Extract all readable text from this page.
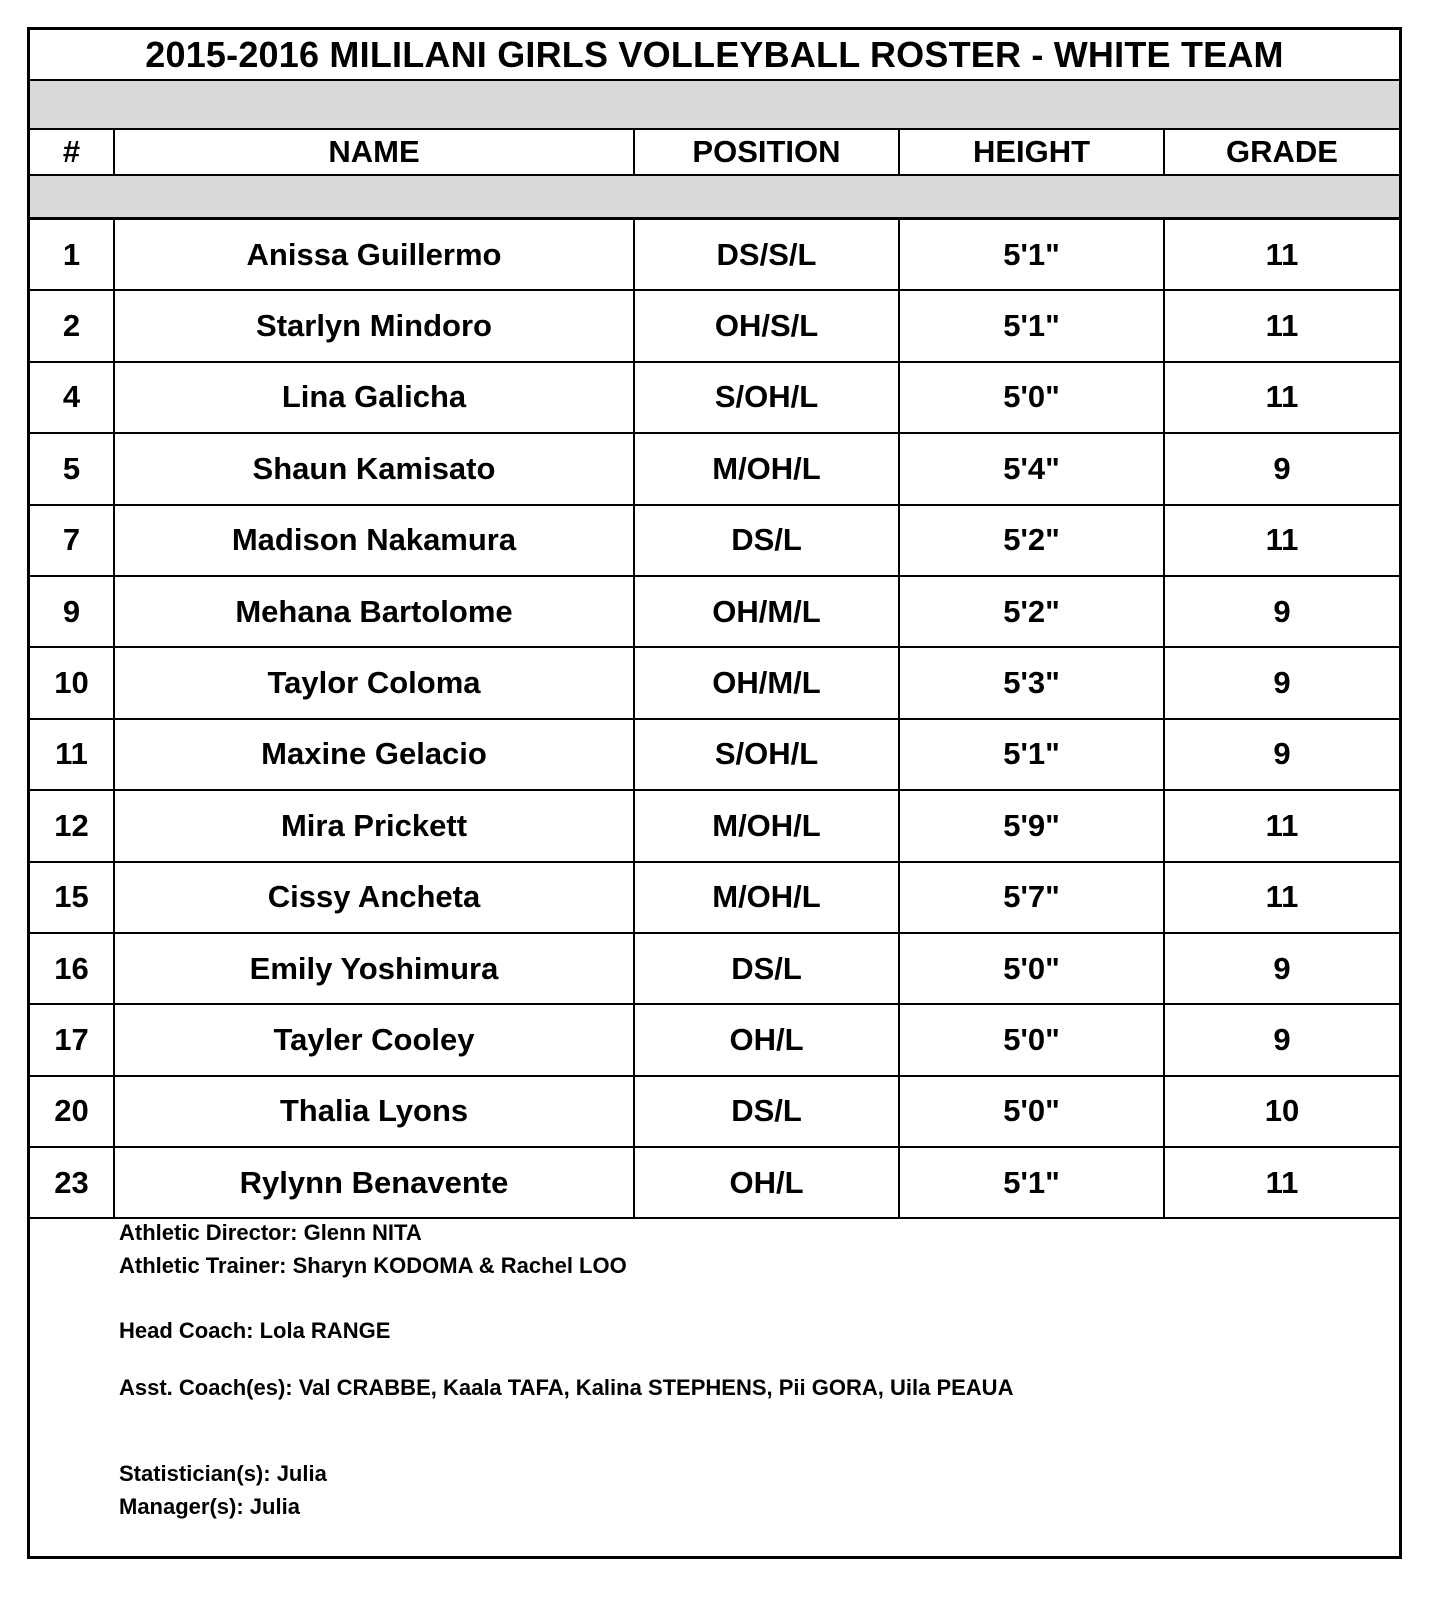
2015-2016 MILILANI GIRLS VOLLEYBALL ROSTER - WHITE TEAM
#	NAME	POSITION	HEIGHT	GRADE

1	Anissa Guillermo	DS/S/L	5'1"	11
2	Starlyn Mindoro	OH/S/L	5'1"	11
4	Lina Galicha	S/OH/L	5'0"	11
5	Shaun Kamisato	M/OH/L	5'4"	9
7	Madison Nakamura	DS/L	5'2"	11
9	Mehana Bartolome	OH/M/L	5'2"	9
10	Taylor Coloma	OH/M/L	5'3"	9
11	Maxine Gelacio	S/OH/L	5'1"	9
12	Mira Prickett	M/OH/L	5'9"	11
15	Cissy Ancheta	M/OH/L	5'7"	11
16	Emily Yoshimura	DS/L	5'0"	9
17	Tayler Cooley	OH/L	5'0"	9
20	Thalia Lyons	DS/L	5'0"	10
23	Rylynn Benavente	OH/L	5'1"	11
Athletic Director: Glenn NITA
Athletic Trainer: Sharyn KODOMA & Rachel LOO
Head Coach: Lola RANGE
Asst. Coach(es): Val CRABBE, Kaala TAFA, Kalina STEPHENS, Pii GORA, Uila PEAUA
Statistician(s): Julia
Manager(s): Julia
